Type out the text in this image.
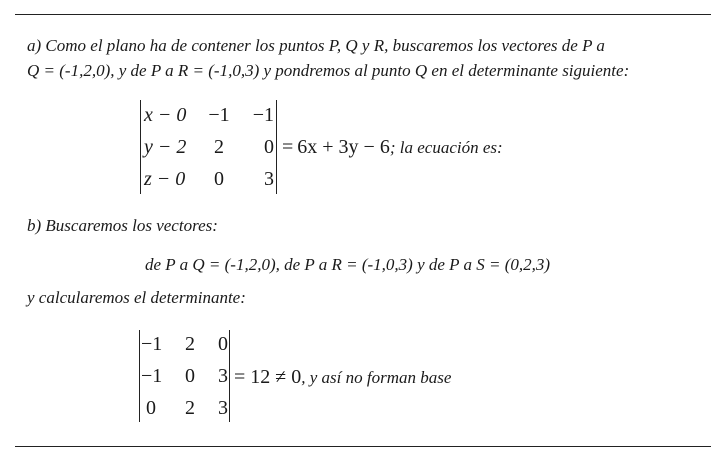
a) Como el plano ha de contener los puntos P, Q y R, buscaremos los vectores de P a
Q = (-1,2,0), y de P a R = (-1,0,3) y pondremos al punto Q en el determinante siguiente:
x − 0	−1	−1
y − 2	2	0
z − 0	0	3
= 6x + 3y − 6; la ecuación es:
b) Buscaremos los vectores:
de P a Q = (-1,2,0), de P a R = (-1,0,3) y de P a S = (0,2,3)
y calcularemos el determinante:
−1 2	0
−1 0	3
0 2	3
= 12 ≠ 0, y así no forman base
